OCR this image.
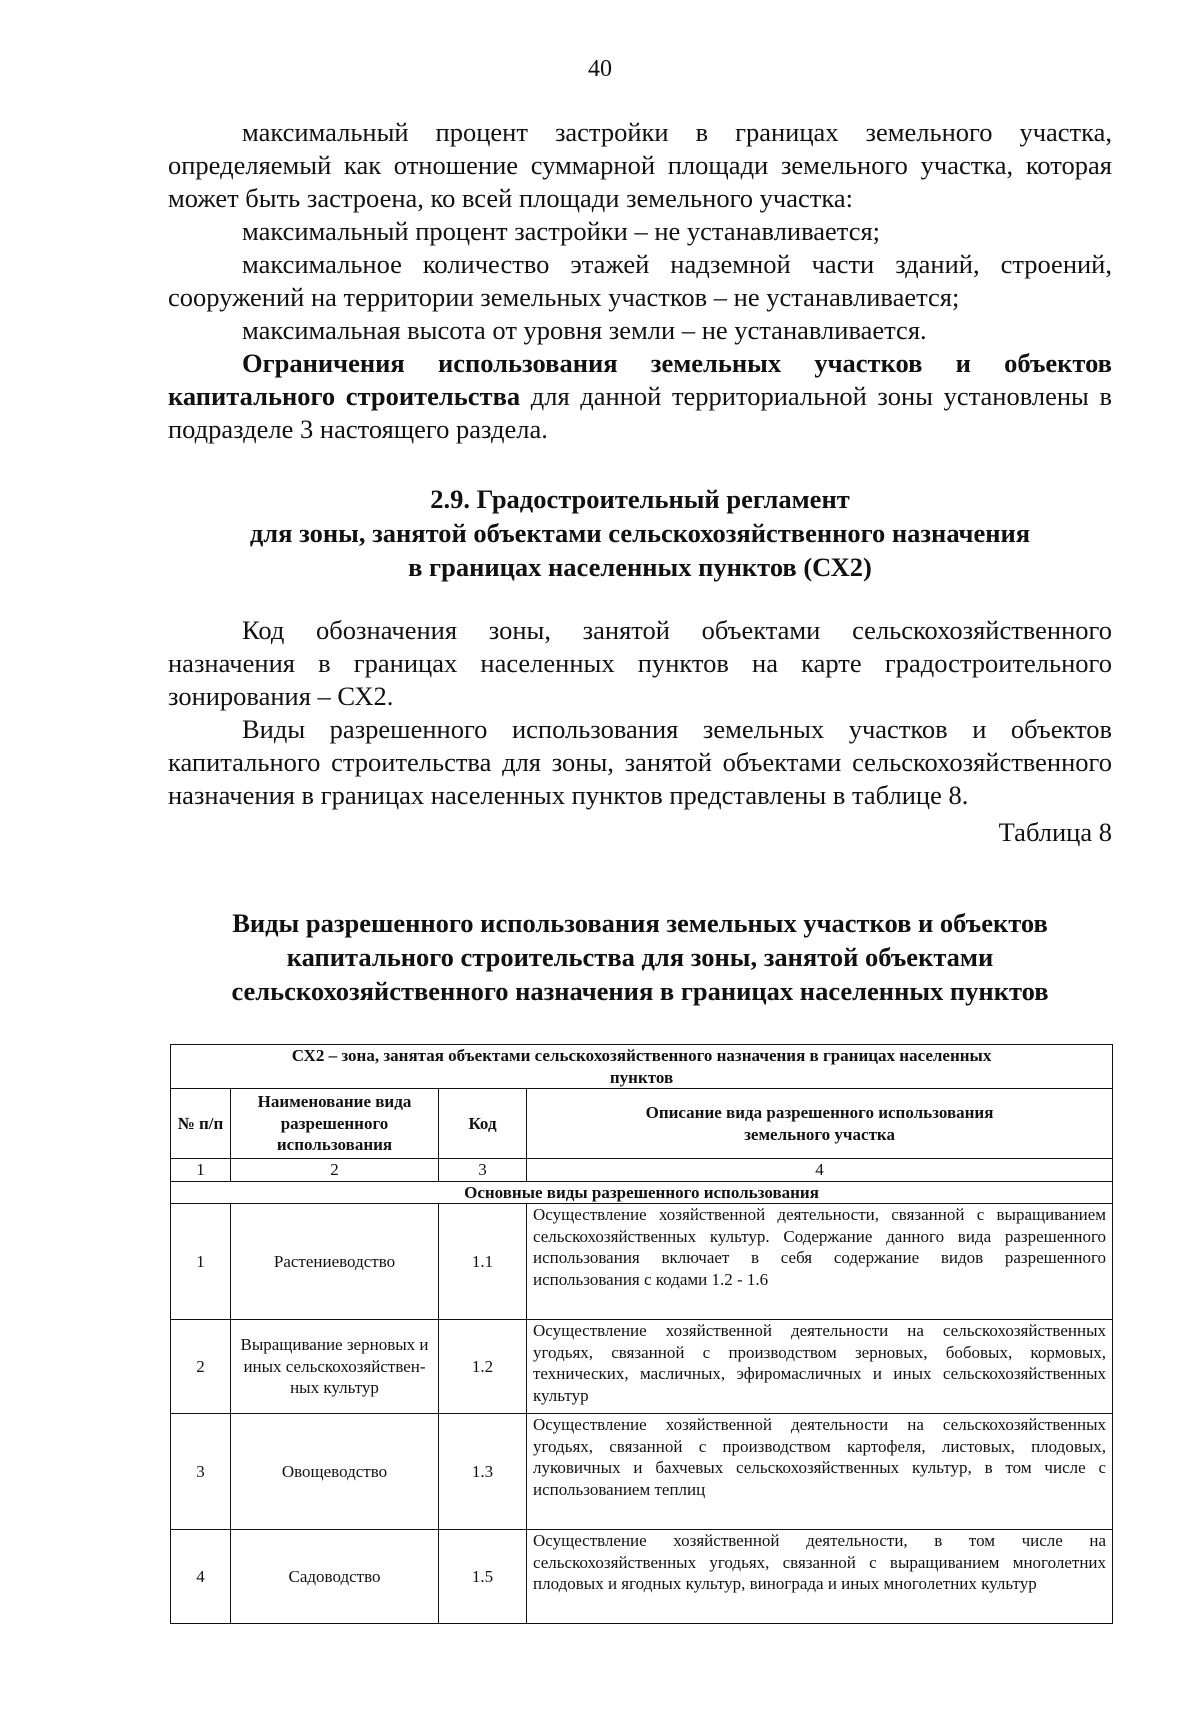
40

максимальный процент застройки в границах земельного участка, определяемый как отношение суммарной площади земельного участка, которая может быть застроена, ко всей площади земельного участка:

максимальный процент застройки – не устанавливается;

максимальное количество этажей надземной части зданий, строений, сооружений на территории земельных участков – не устанавливается;

максимальная высота от уровня земли – не устанавливается.

Ограничения использования земельных участков и объектов капитального строительства для данной территориальной зоны установлены в подразделе 3 настоящего раздела.

2.9. Градостроительный регламент

для зоны, занятой объектами сельскохозяйственного назначения

в границах населенных пунктов (СХ2)

Код обозначения зоны, занятой объектами сельскохозяйственного назначения в границах населенных пунктов на карте градостроительного зонирования – СХ2.

Виды разрешенного использования земельных участков и объектов капитального строительства для зоны, занятой объектами сельскохозяйственного назначения в границах населенных пунктов представлены в таблице 8.

Таблица 8

Виды разрешенного использования земельных участков и объектов

капитального строительства для зоны, занятой объектами

сельскохозяйственного назначения в границах населенных пунктов

СХ2 – зона, занятая объектами сельскохозяйственного назначения в границах населенных пунктов			
№ п/п	Наименование вида разрешенного использования	Код	Описание вида разрешенного использования земельного участка
1	2	3	4
Основные виды разрешенного использования			
1	Растениеводство	1.1	Осуществление хозяйственной деятельности, связанной с выращиванием сельскохозяйственных культур. Содержание данного вида разрешенного использования включает в себя содержание видов разрешенного использования с кодами 1.2 - 1.6
2	Выращивание зерновых и иных сельскохозяйствен-ных культур	1.2	Осуществление хозяйственной деятельности на сельскохозяйственных угодьях, связанной с производством зерновых, бобовых, кормовых, технических, масличных, эфиромасличных и иных сельскохозяйственных культур
3	Овощеводство	1.3	Осуществление хозяйственной деятельности на сельскохозяйственных угодьях, связанной с производством картофеля, листовых, плодовых, луковичных и бахчевых сельскохозяйственных культур, в том числе с использованием теплиц
4	Садоводство	1.5	Осуществление хозяйственной деятельности, в том числе на сельскохозяйственных угодьях, связанной с выращиванием многолетних плодовых и ягодных культур, винограда и иных многолетних культур
